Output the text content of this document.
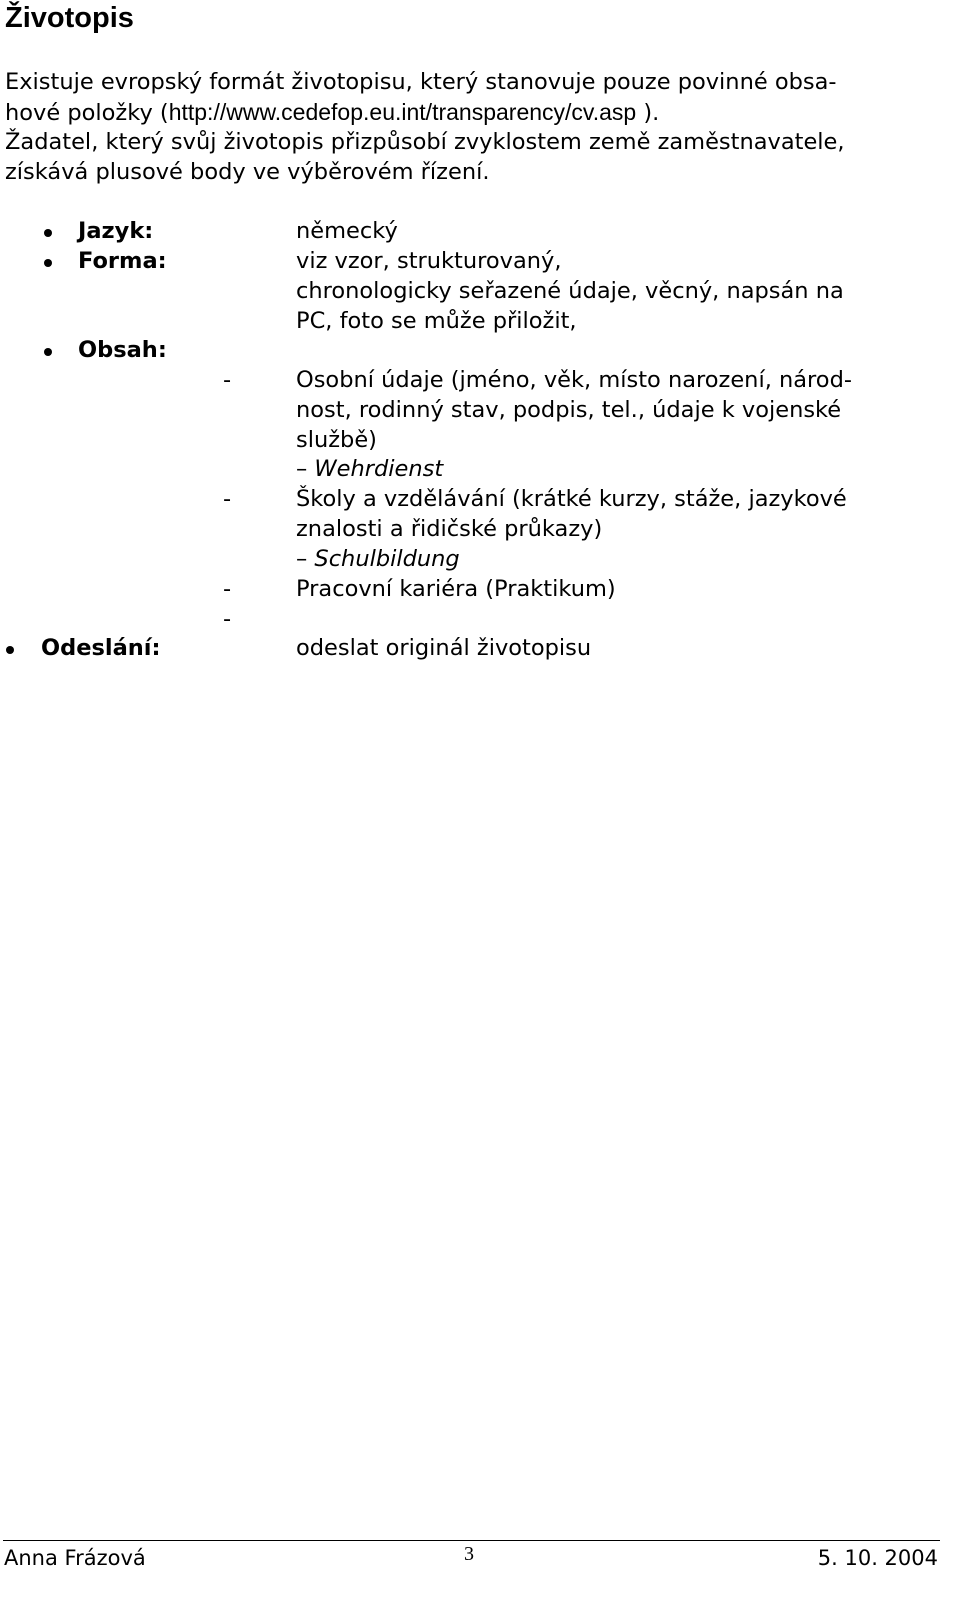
Životopis
Existuje evropský formát životopisu, který stanovuje pouze povinné obsa-
hové položky (http://www.cedefop.eu.int/transparency/cv.asp ).
Žadatel, který svůj životopis přizpůsobí zvyklostem země zaměstnavatele,
získává plusové body ve výběrovém řízení.
Jazyk:	německý
Forma:	viz vzor, strukturovaný,
chronologicky seřazené údaje, věcný, napsán na
PC, foto se může přiložit,
Obsah:
-	Osobní údaje (jméno, věk, místo narození, národ-
nost, rodinný stav, podpis, tel., údaje k vojenské
službě)
– Wehrdienst
-	Školy a vzdělávání (krátké kurzy, stáže, jazykové
znalosti a řidičské průkazy)
– Schulbildung
-	Pracovní kariéra (Praktikum)
-
Odeslání:	odeslat originál životopisu
Anna Frázová	3	5. 10. 2004
